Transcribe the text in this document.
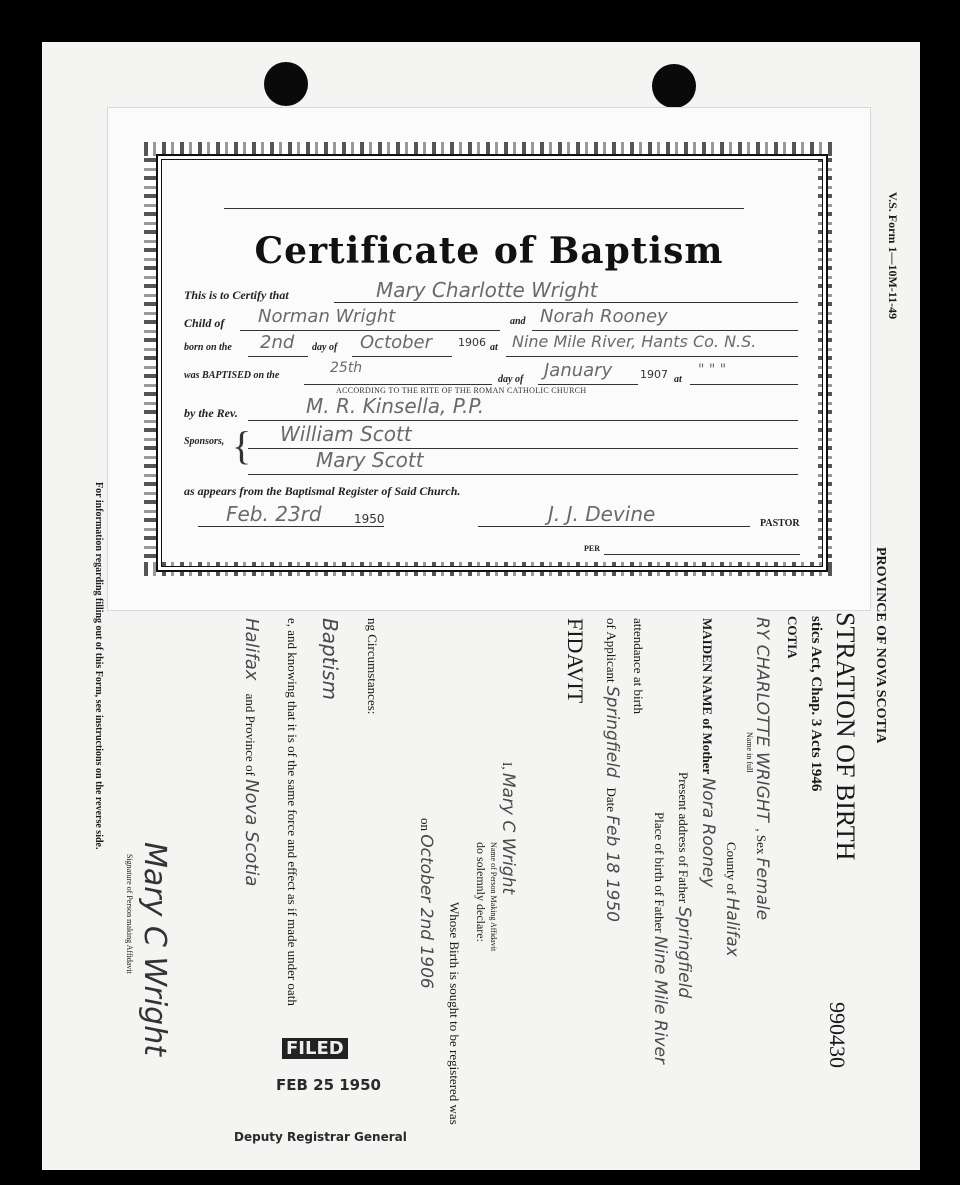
V.S. Form 1—10M-11-49
PROVINCE OF NOVA SCOTIA
STRATION OF BIRTH
stics Act, Chap. 3 Acts 1946
COTIA
990430
RY CHARLOTTE WRIGHT  , Sex Female
Name in full
County of Halifax
MAIDEN NAME of Mother Nora Rooney
Present address of Father Springfield
Place of birth of Father Nine Mile River
attendance at birth
of Applicant Springfield   Date Feb 18 1950
FIDAVIT
I, Mary C Wright
Name of Person Making Affidavit
do solemnly declare:
Whose Birth is sought to be registered was
on October 2nd 1906
ng Circumstances:
Baptism
e, and knowing that it is of the same force and effect as if made under oath
Halifax    and Province of Nova Scotia
Mary C Wright
Signature of Person making Affidavit
For information regarding filling out of this Form, see instructions on the reverse side.
FILED
FEB 25 1950
Deputy Registrar General
Certificate of Baptism
This is to Certify that	Mary Charlotte Wright
Child of Norman Wright	and Norah Rooney
born on the 2nd day of October 1906 at Nine Mile River, Hants Co. N.S.
was BAPTISED on the	25th
day of January	1907 at
" " "
ACCORDING TO THE RITE OF THE ROMAN CATHOLIC CHURCH
by the Rev.	M. R. Kinsella, P.P.
Sponsors, { William Scott
Mary Scott
as appears from the Baptismal Register of Said Church.
Feb. 23rd	1950	J. J. Devine	PASTOR
PER
